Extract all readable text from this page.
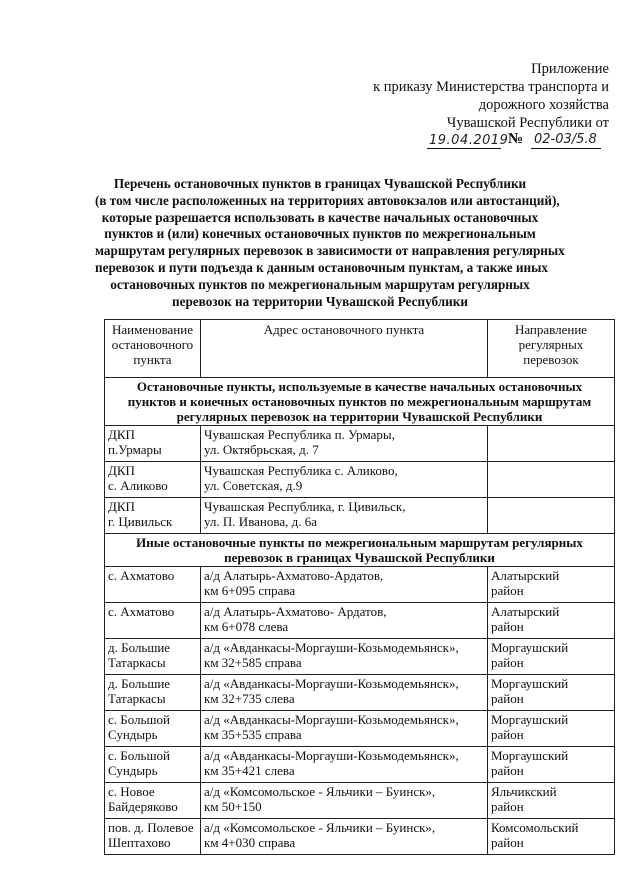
Приложение
к приказу Министерства транспорта и
дорожного хозяйства
Чувашской Республики от
19.04.2019 № 02-03/5.8
Перечень остановочных пунктов в границах Чувашской Республики
(в том числе расположенных на территориях автовокзалов или автостанций),
которые разрешается использовать в качестве начальных остановочных
пунктов и (или) конечных остановочных пунктов по межрегиональным
маршрутам регулярных перевозок в зависимости от направления регулярных
перевозок и пути подъезда к данным остановочным пунктам, а также иных
остановочных пунктов по межрегиональным маршрутам регулярных
перевозок на территории Чувашской Республики
Наименование
остановочного
пункта	Адрес остановочного пункта	Направление
регулярных
перевозок

Остановочные пункты, используемые в качестве начальных остановочных
пунктов и конечных остановочных пунктов по межрегиональным маршрутам
регулярных перевозок на территории Чувашской Республики		

ДКП
п.Урмары	Чувашская Республика п. Урмары,
ул. Октябрьская, д. 7	

ДКП
с. Аликово	Чувашская Республика с. Аликово,
ул. Советская, д.9	

ДКП
г. Цивильск	Чувашская Республика, г. Цивильск,
ул. П. Иванова, д. 6а	

Иные остановочные пункты по межрегиональным маршрутам регулярных
перевозок в границах Чувашской Республики		

с. Ахматово	а/д Алатырь-Ахматово-Ардатов,
км 6+095 справа	Алатырский
район

с. Ахматово	а/д Алатырь-Ахматово- Ардатов,
км 6+078 слева	Алатырский
район

д. Большие
Татаркасы	а/д «Авданкасы-Моргауши-Козьмодемьянск»,
км 32+585 справа	Моргаушский
район

д. Большие
Татаркасы	а/д «Авданкасы-Моргауши-Козьмодемьянск»,
км 32+735 слева	Моргаушский
район

с. Большой
Сундырь	а/д «Авданкасы-Моргауши-Козьмодемьянск»,
км 35+535 справа	Моргаушский
район

с. Большой
Сундырь	а/д «Авданкасы-Моргауши-Козьмодемьянск»,
км 35+421 слева	Моргаушский
район

с. Новое
Байдеряково	а/д «Комсомольское - Яльчики – Буинск»,
км 50+150	Яльчикский
район

пов. д. Полевое
Шептахово	а/д «Комсомольское - Яльчики – Буинск»,
км 4+030 справа	Комсомольский
район
